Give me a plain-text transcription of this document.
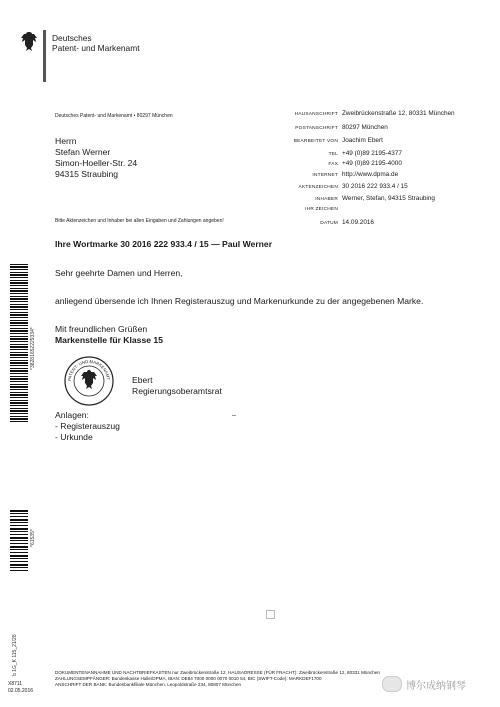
Deutsches
Patent- und Markenamt
Deutsches Patent- und Markenamt • 80297 München
Herrn
Stefan Werner
Simon-Hoeller-Str. 24
94315 Straubing
Bitte Aktenzeichen und Inhaber bei allen Eingaben und Zahlungen angeben!
HAUSANSCHRIFT Zweibrückenstraße 12, 80331 München
POSTANSCHRIFT 80297 München
BEARBEITET VON Joachim Ebert
TEL +49 (0)89 2195-4377
FAX +49 (0)89 2195-4000
INTERNET http://www.dpma.de
AKTENZEICHEN 30 2016 222 933.4 / 15
INHABER Werner, Stefan, 94315 Straubing
IHR ZEICHEN
DATUM 14.09.2016
Ihre Wortmarke 30 2016 222 933.4 / 15 — Paul Werner
Sehr geehrte Damen und Herren,
anliegend übersende ich Ihnen Registerauszug und Markenurkunde zu der angegebenen Marke.
Mit freundlichen Grüßen
Markenstelle für Klasse 15
PATENT- UND MARKENAMT Ebert
Regierungsoberamtsrat
Anlagen:
- Registerauszug
- Urkunde
*38281652229334*
*61535*
b 1G_K 115_21/28
X8711
02.05.2016
DOKUMENTENANNAHME UND NACHTBRIEFKASTEN nur Zweibrückenstraße 12, HAUSADRESSE (FÜR FRACHT): Zweibrückenstraße 12, 80331 München
ZAHLUNGSEMPFÄNGER: Bundeskasse Halle/DPMA, IBAN: DE84 7000 0000 0070 0010 54, BIC (SWIFT-Code): MARKDEF1700
ANSCHRIFT DER BANK: Bundesbankfiliale München, Leopoldstraße 234, 80807 München	博尔成纳钢琴
